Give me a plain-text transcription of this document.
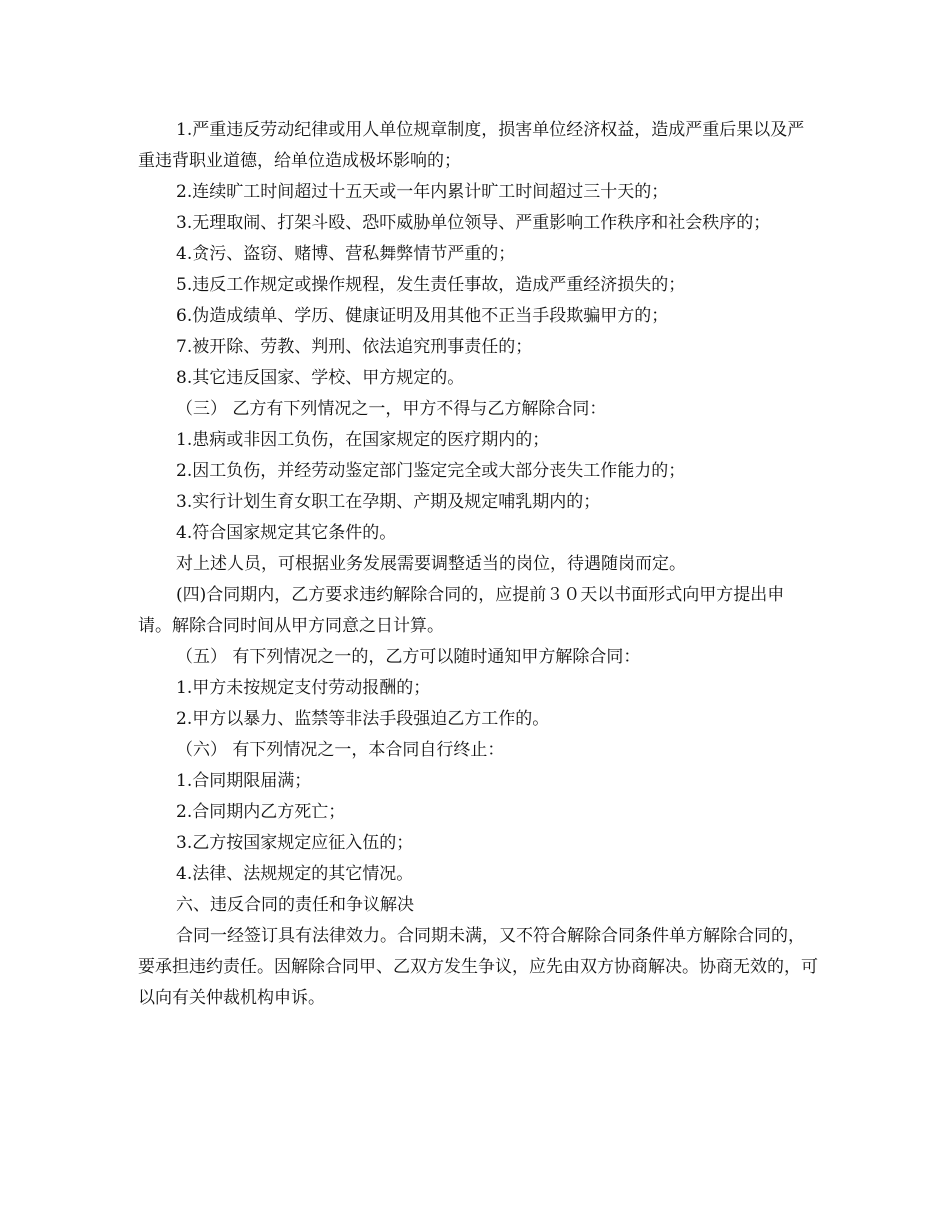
1.严重违反劳动纪律或用人单位规章制度，损害单位经济权益，造成严重后果以及严重违背职业道德，给单位造成极坏影响的；

2.连续旷工时间超过十五天或一年内累计旷工时间超过三十天的；

3.无理取闹、打架斗殴、恐吓威胁单位领导、严重影响工作秩序和社会秩序的；

4.贪污、盗窃、赌博、营私舞弊情节严重的；

5.违反工作规定或操作规程，发生责任事故，造成严重经济损失的；

6.伪造成绩单、学历、健康证明及用其他不正当手段欺骗甲方的；

7.被开除、劳教、判刑、依法追究刑事责任的；

8.其它违反国家、学校、甲方规定的。

（三） 乙方有下列情况之一，甲方不得与乙方解除合同：

1.患病或非因工负伤，在国家规定的医疗期内的；

2.因工负伤，并经劳动鉴定部门鉴定完全或大部分丧失工作能力的；

3.实行计划生育女职工在孕期、产期及规定哺乳期内的；

4.符合国家规定其它条件的。

对上述人员，可根据业务发展需要调整适当的岗位，待遇随岗而定。

(四)合同期内，乙方要求违约解除合同的，应提前３０天以书面形式向甲方提出申请。解除合同时间从甲方同意之日计算。

（五） 有下列情况之一的，乙方可以随时通知甲方解除合同：

1.甲方未按规定支付劳动报酬的；

2.甲方以暴力、监禁等非法手段强迫乙方工作的。

（六） 有下列情况之一，本合同自行终止：

1.合同期限届满；

2.合同期内乙方死亡；

3.乙方按国家规定应征入伍的；

4.法律、法规规定的其它情况。

六、违反合同的责任和争议解决

合同一经签订具有法律效力。合同期未满，又不符合解除合同条件单方解除合同的，要承担违约责任。因解除合同甲、乙双方发生争议，应先由双方协商解决。协商无效的，可以向有关仲裁机构申诉。
